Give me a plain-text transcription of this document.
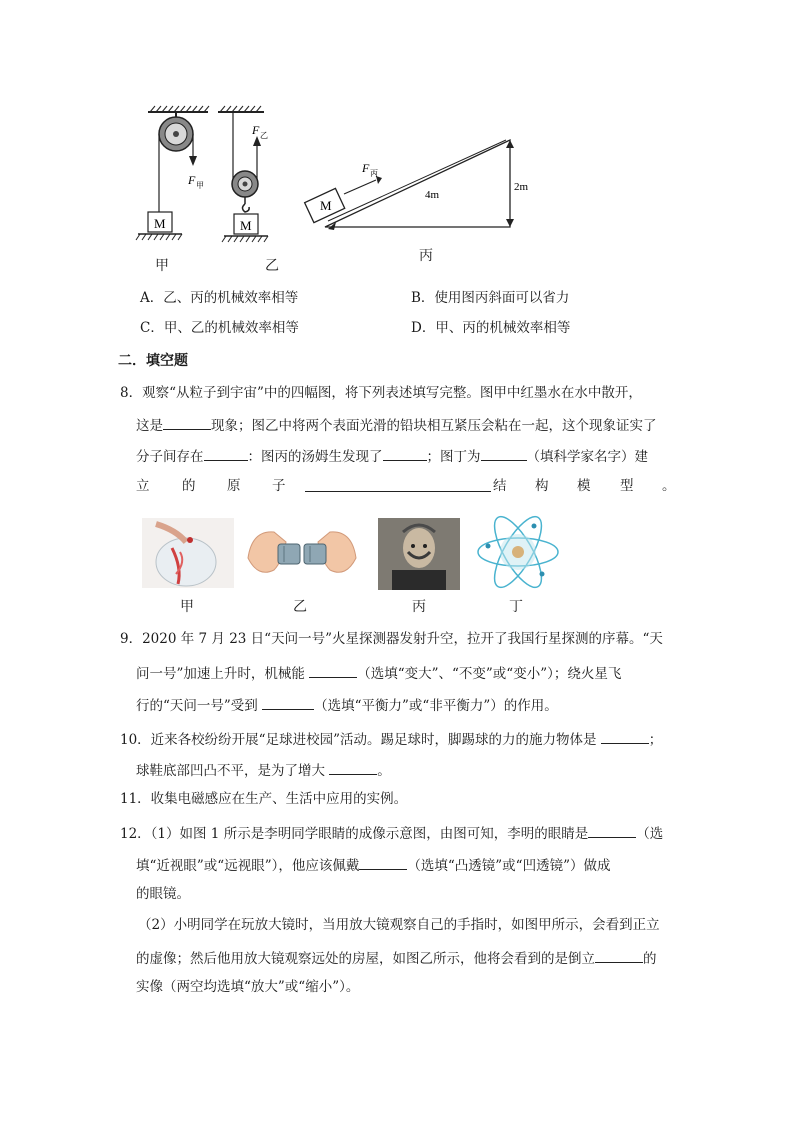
M
F 甲
M
F 乙
M
F 丙
4m
2m
甲	乙
丙
A．乙、丙的机械效率相等	B．使用图丙斜面可以省力
C．甲、乙的机械效率相等	D．甲、丙的机械效率相等
二．填空题
8．观察“从粒子到宇宙”中的四幅图，将下列表述填写完整。图甲中红墨水在水中散开，
这是	现象；图乙中将两个表面光滑的铅块相互紧压会粘在一起，这个现象证实了
分子间存在	：图丙的汤姆生发现了	；图丁为	（填科学家名字）建
立 的 原 子	结 构 模 型 。
甲	乙	丙	丁
9．2020 年 7 月 23 日“天问一号”火星探测器发射升空，拉开了我国行星探测的序幕。“天
问一号”加速上升时，机械能	（选填“变大”、“不变”或“变小”）；绕火星飞
行的“天问一号”受到	（选填“平衡力”或“非平衡力”）的作用。
10．近来各校纷纷开展“足球进校园”活动。踢足球时，脚踢球的力的施力物体是	；
球鞋底部凹凸不平，是为了增大	。
11．收集电磁感应在生产、生活中应用的实例。
12．（1）如图 1 所示是李明同学眼睛的成像示意图，由图可知，李明的眼睛是	（选
填“近视眼”或“远视眼”），他应该佩戴	（选填“凸透镜”或“凹透镜”）做成
的眼镜。
（2）小明同学在玩放大镜时，当用放大镜观察自己的手指时，如图甲所示，会看到正立
的虚像；然后他用放大镜观察远处的房屋，如图乙所示，他将会看到的是倒立	的
实像（两空均选填“放大”或“缩小”）。
